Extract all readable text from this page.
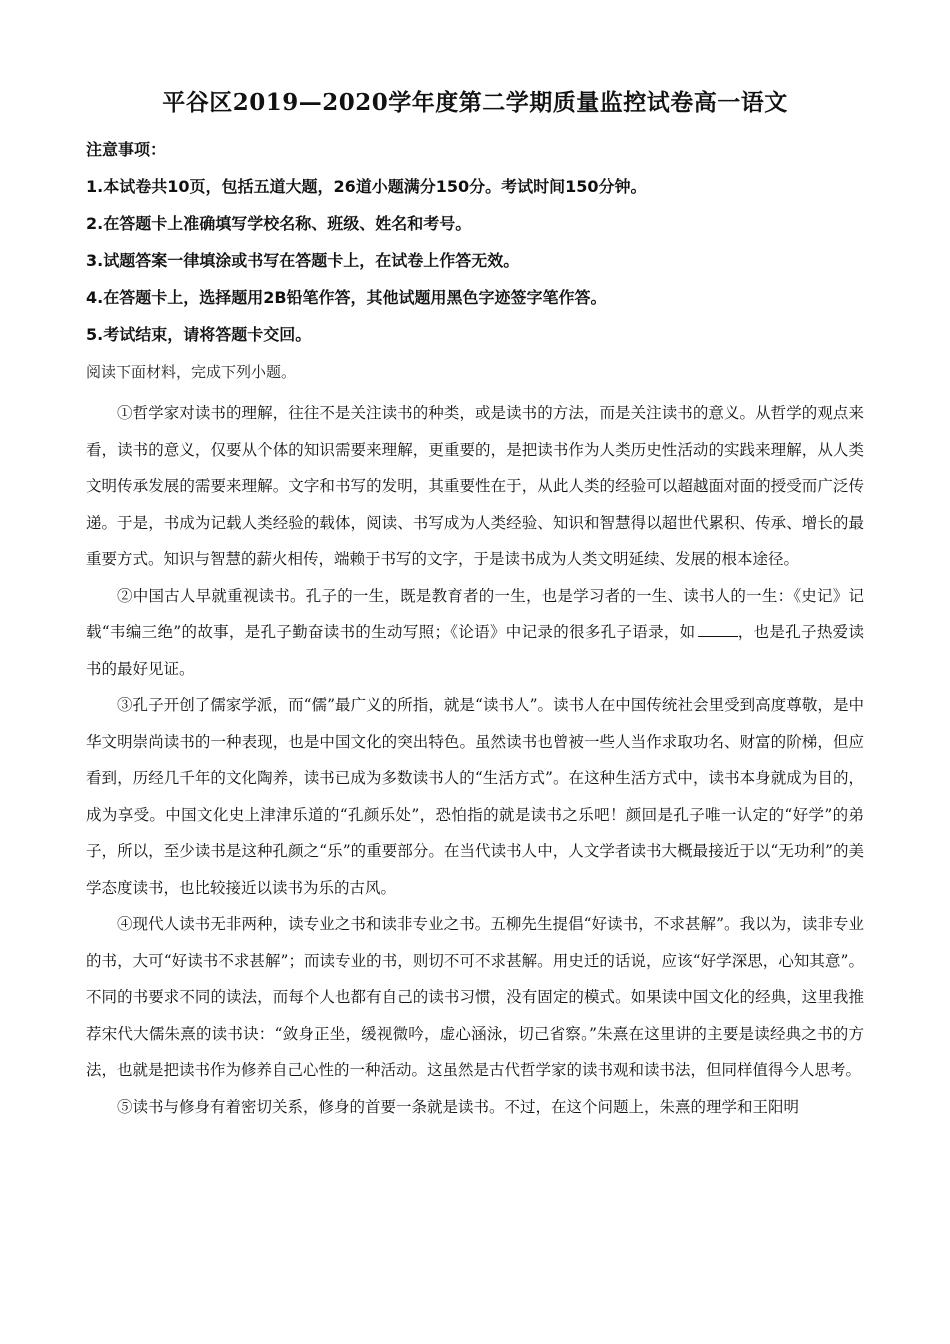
平谷区2019—2020学年度第二学期质量监控试卷高一语文
注意事项：
1.本试卷共10页，包括五道大题，26道小题满分150分。考试时间150分钟。
2.在答题卡上准确填写学校名称、班级、姓名和考号。
3.试题答案一律填涂或书写在答题卡上，在试卷上作答无效。
4.在答题卡上，选择题用2B铅笔作答，其他试题用黑色字迹签字笔作答。
5.考试结束，请将答题卡交回。
阅读下面材料，完成下列小题。

①哲学家对读书的理解，往往不是关注读书的种类，或是读书的方法，而是关注读书的意义。从哲学的观点来看，读书的意义，仅要从个体的知识需要来理解，更重要的，是把读书作为人类历史性活动的实践来理解，从人类文明传承发展的需要来理解。文字和书写的发明，其重要性在于，从此人类的经验可以超越面对面的授受而广泛传递。于是，书成为记载人类经验的载体，阅读、书写成为人类经验、知识和智慧得以超世代累积、传承、增长的最重要方式。知识与智慧的薪火相传，端赖于书写的文字，于是读书成为人类文明延续、发展的根本途径。

②中国古人早就重视读书。孔子的一生，既是教育者的一生，也是学习者的一生、读书人的一生：《史记》记载“韦编三绝”的故事，是孔子勤奋读书的生动写照；《论语》中记录的很多孔子语录，如	，也是孔子热爱读书的最好见证。

③孔子开创了儒家学派，而“儒”最广义的所指，就是“读书人”。读书人在中国传统社会里受到高度尊敬，是中华文明崇尚读书的一种表现，也是中国文化的突出特色。虽然读书也曾被一些人当作求取功名、财富的阶梯，但应看到，历经几千年的文化陶养，读书已成为多数读书人的“生活方式”。在这种生活方式中，读书本身就成为目的，成为享受。中国文化史上津津乐道的“孔颜乐处”，恐怕指的就是读书之乐吧！颜回是孔子唯一认定的“好学”的弟子，所以，至少读书是这种孔颜之“乐”的重要部分。在当代读书人中，人文学者读书大概最接近于以“无功利”的美学态度读书，也比较接近以读书为乐的古风。

④现代人读书无非两种，读专业之书和读非专业之书。五柳先生提倡“好读书，不求甚解”。我以为，读非专业的书，大可“好读书不求甚解”；而读专业的书，则切不可不求甚解。用史迁的话说，应该“好学深思，心知其意”。不同的书要求不同的读法，而每个人也都有自己的读书习惯，没有固定的模式。如果读中国文化的经典，这里我推荐宋代大儒朱熹的读书诀：“敛身正坐，缓视微吟，虚心涵泳，切己省察。”朱熹在这里讲的主要是读经典之书的方法，也就是把读书作为修养自己心性的一种活动。这虽然是古代哲学家的读书观和读书法，但同样值得今人思考。

⑤读书与修身有着密切关系，修身的首要一条就是读书。不过，在这个问题上，朱熹的理学和王阳明
